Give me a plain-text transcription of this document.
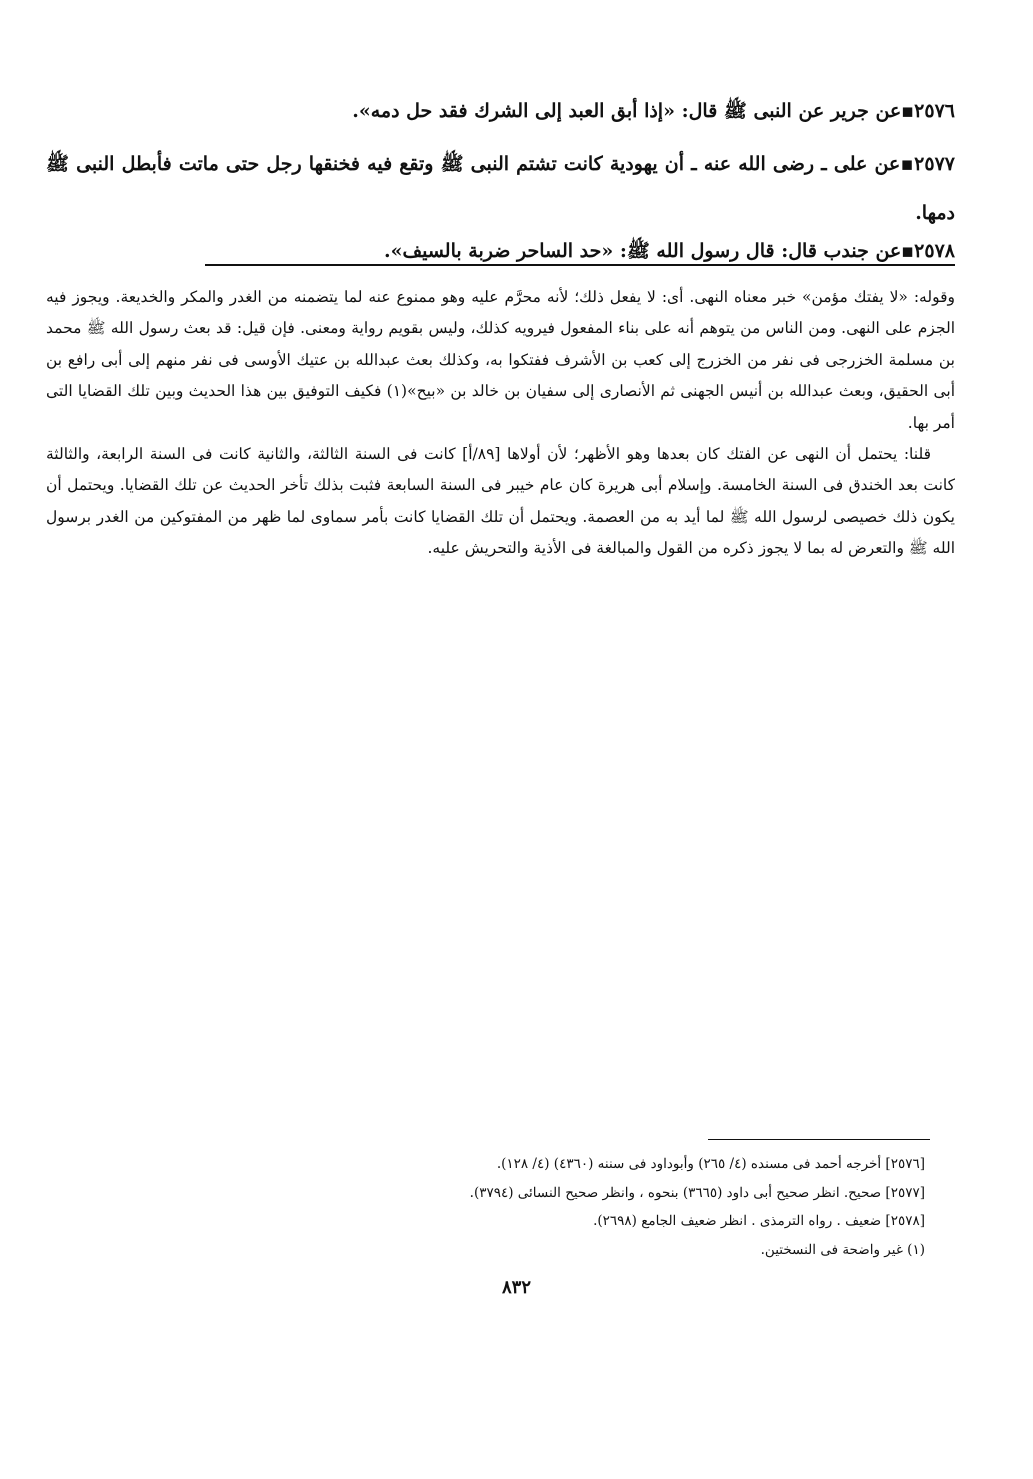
٢٥٧٦▪عن جرير عن النبى ﷺ قال: «إذا أبق العبد إلى الشرك فقد حل دمه».
٢٥٧٧▪عن على ـ رضى الله عنه ـ أن يهودية كانت تشتم النبى ﷺ وتقع فيه فخنقها رجل حتى ماتت فأبطل النبى ﷺ دمها.
٢٥٧٨▪عن جندب قال: قال رسول الله ﷺ: «حد الساحر ضربة بالسيف».

وقوله: «لا يفتك مؤمن» خبر معناه النهى. أى: لا يفعل ذلك؛ لأنه محرَّم عليه وهو ممنوع عنه لما يتضمنه من الغدر والمكر والخديعة. ويجوز فيه الجزم على النهى. ومن الناس من يتوهم أنه على بناء المفعول فيرويه كذلك، وليس بقويم رواية ومعنى. فإن قيل: قد بعث رسول الله ﷺ محمد بن مسلمة الخزرجى فى نفر من الخزرج إلى كعب بن الأشرف ففتكوا به، وكذلك بعث عبدالله بن عتيك الأوسى فى نفر منهم إلى أبى رافع بن أبى الحقيق، وبعث عبدالله بن أنيس الجهنى ثم الأنصارى إلى سفيان بن خالد بن «بيح»(١) فكيف التوفيق بين هذا الحديث وبين تلك القضايا التى أمر بها.

قلنا: يحتمل أن النهى عن الفتك كان بعدها وهو الأظهر؛ لأن أولاها [٨٩/أ] كانت فى السنة الثالثة، والثانية كانت فى السنة الرابعة، والثالثة كانت بعد الخندق فى السنة الخامسة. وإسلام أبى هريرة كان عام خيبر فى السنة السابعة فثبت بذلك تأخر الحديث عن تلك القضايا. ويحتمل أن يكون ذلك خصيصى لرسول الله ﷺ لما أيد به من العصمة. ويحتمل أن تلك القضايا كانت بأمر سماوى لما ظهر من المفتوكين من الغدر برسول الله ﷺ والتعرض له بما لا يجوز ذكره من القول والمبالغة فى الأذية والتحريش عليه.

[٢٥٧٦] أخرجه أحمد فى مسنده (٤/ ٢٦٥) وأبوداود فى سننه (٤٣٦٠) (٤/ ١٢٨).
[٢٥٧٧] صحيح. انظر صحيح أبى داود (٣٦٦٥) بنحوه ، وانظر صحيح النسائى (٣٧٩٤).
[٢٥٧٨] ضعيف . رواه الترمذى . انظر ضعيف الجامع (٢٦٩٨).
(١) غير واضحة فى النسختين.
٨٣٢
